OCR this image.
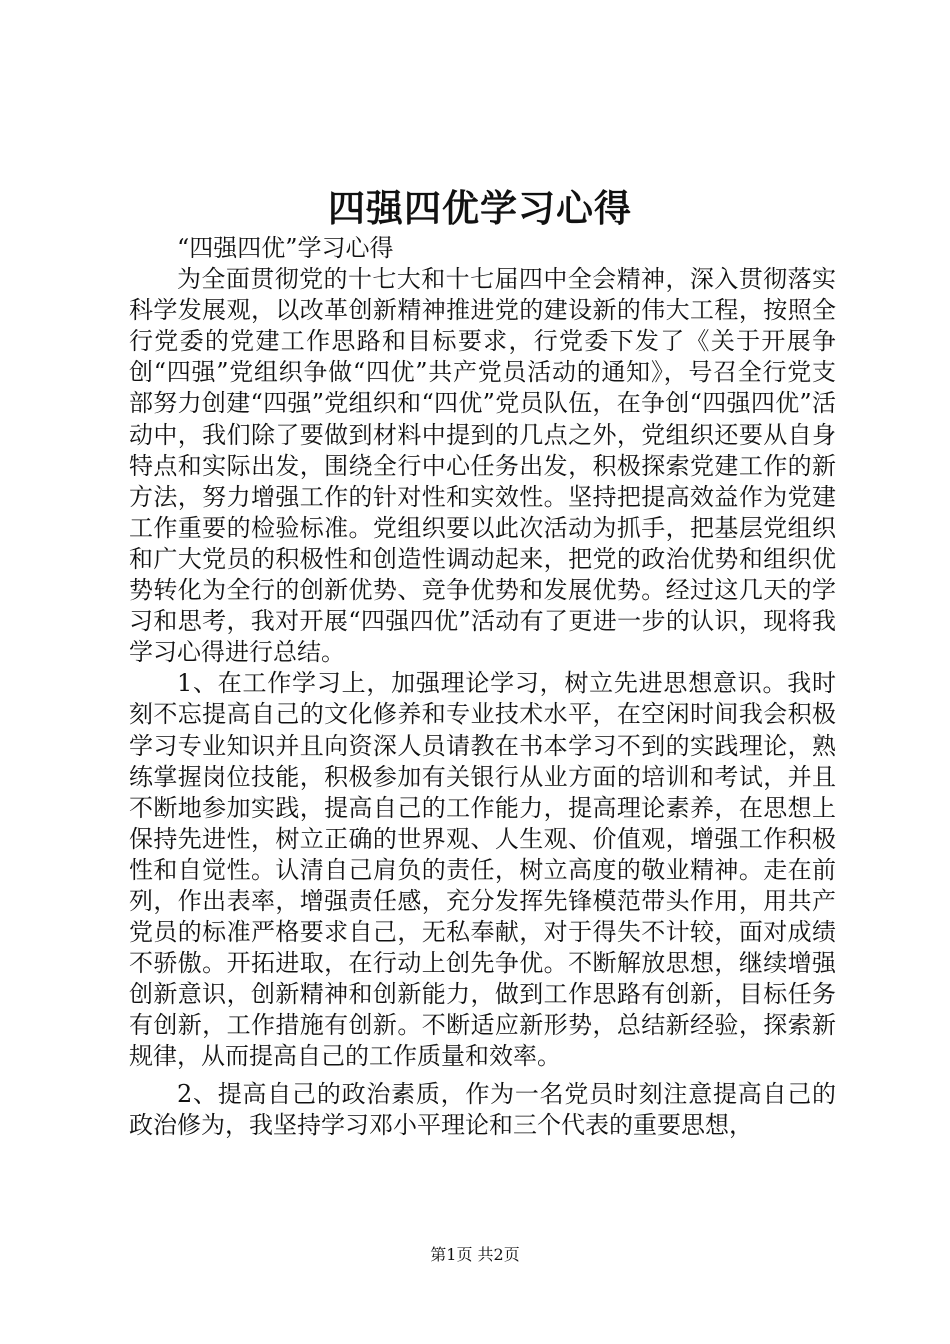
四强四优学习心得

“四强四优”学习心得

为全面贯彻党的十七大和十七届四中全会精神，深入贯彻落实科学发展观，以改革创新精神推进党的建设新的伟大工程，按照全行党委的党建工作思路和目标要求，行党委下发了《关于开展争创“四强”党组织争做“四优”共产党员活动的通知》，号召全行党支部努力创建“四强”党组织和“四优”党员队伍，在争创“四强四优”活动中，我们除了要做到材料中提到的几点之外，党组织还要从自身特点和实际出发，围绕全行中心任务出发，积极探索党建工作的新方法，努力增强工作的针对性和实效性。坚持把提高效益作为党建工作重要的检验标准。党组织要以此次活动为抓手，把基层党组织和广大党员的积极性和创造性调动起来，把党的政治优势和组织优势转化为全行的创新优势、竞争优势和发展优势。经过这几天的学习和思考，我对开展“四强四优”活动有了更进一步的认识，现将我学习心得进行总结。

1、在工作学习上，加强理论学习，树立先进思想意识。我时刻不忘提高自己的文化修养和专业技术水平，在空闲时间我会积极学习专业知识并且向资深人员请教在书本学习不到的实践理论，熟练掌握岗位技能，积极参加有关银行从业方面的培训和考试，并且不断地参加实践，提高自己的工作能力，提高理论素养，在思想上保持先进性，树立正确的世界观、人生观、价值观，增强工作积极性和自觉性。认清自己肩负的责任，树立高度的敬业精神。走在前列，作出表率，增强责任感，充分发挥先锋模范带头作用，用共产党员的标准严格要求自己，无私奉献，对于得失不计较，面对成绩不骄傲。开拓进取，在行动上创先争优。不断解放思想，继续增强创新意识，创新精神和创新能力，做到工作思路有创新，目标任务有创新，工作措施有创新。不断适应新形势，总结新经验，探索新规律，从而提高自己的工作质量和效率。

2、提高自己的政治素质，作为一名党员时刻注意提高自己的政治修为，我坚持学习邓小平理论和三个代表的重要思想，

第1页 共2页
